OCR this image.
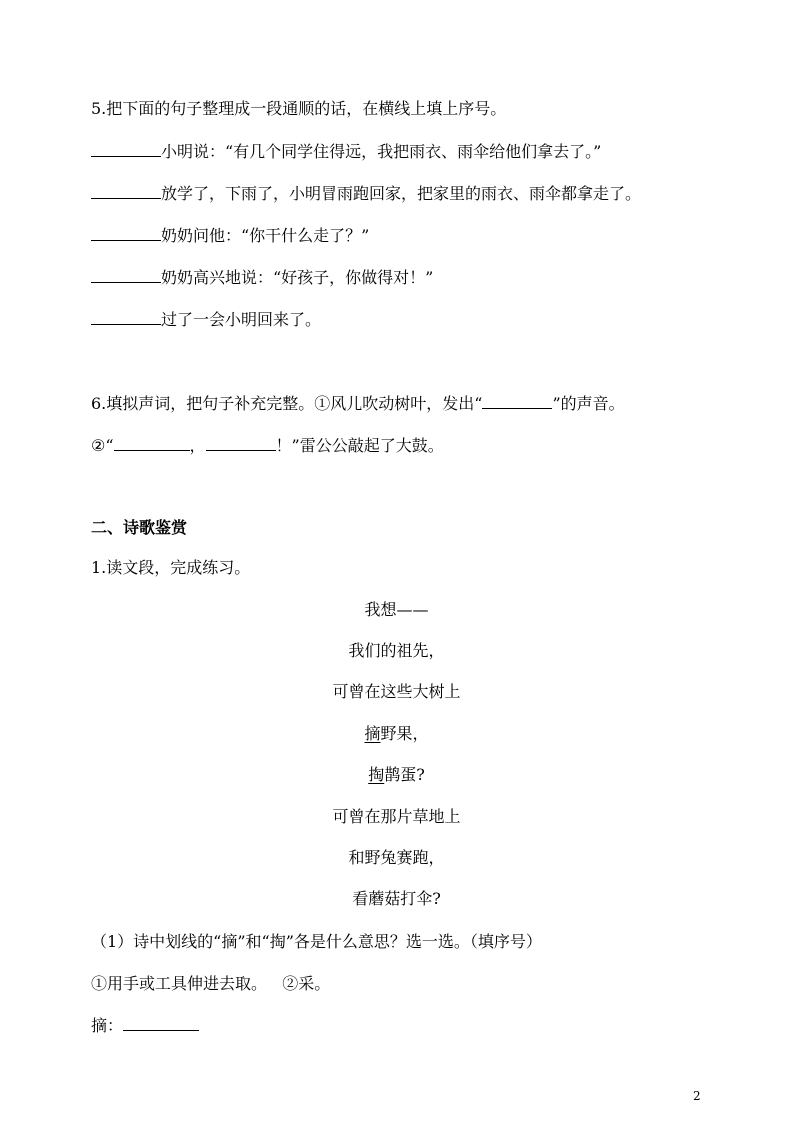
5.把下面的句子整理成一段通顺的话，在横线上填上序号。
小明说：“有几个同学住得远，我把雨衣、雨伞给他们拿去了。”
放学了，下雨了，小明冒雨跑回家，把家里的雨衣、雨伞都拿走了。
奶奶问他：“你干什么走了？”
奶奶高兴地说：“好孩子，你做得对！”
过了一会小明回来了。
6.填拟声词，把句子补充完整。①风儿吹动树叶，发出“	”的声音。
②“	，	！”雷公公敲起了大鼓。
二、诗歌鉴赏
1.读文段，完成练习。
我想——
我们的祖先，
可曾在这些大树上
摘野果，
掏鹊蛋?
可曾在那片草地上
和野兔赛跑，
看蘑菇打伞?
（1）诗中划线的“摘”和“掏”各是什么意思？选一选。（填序号）
①用手或工具伸进去取。   ②采。
摘：
2
